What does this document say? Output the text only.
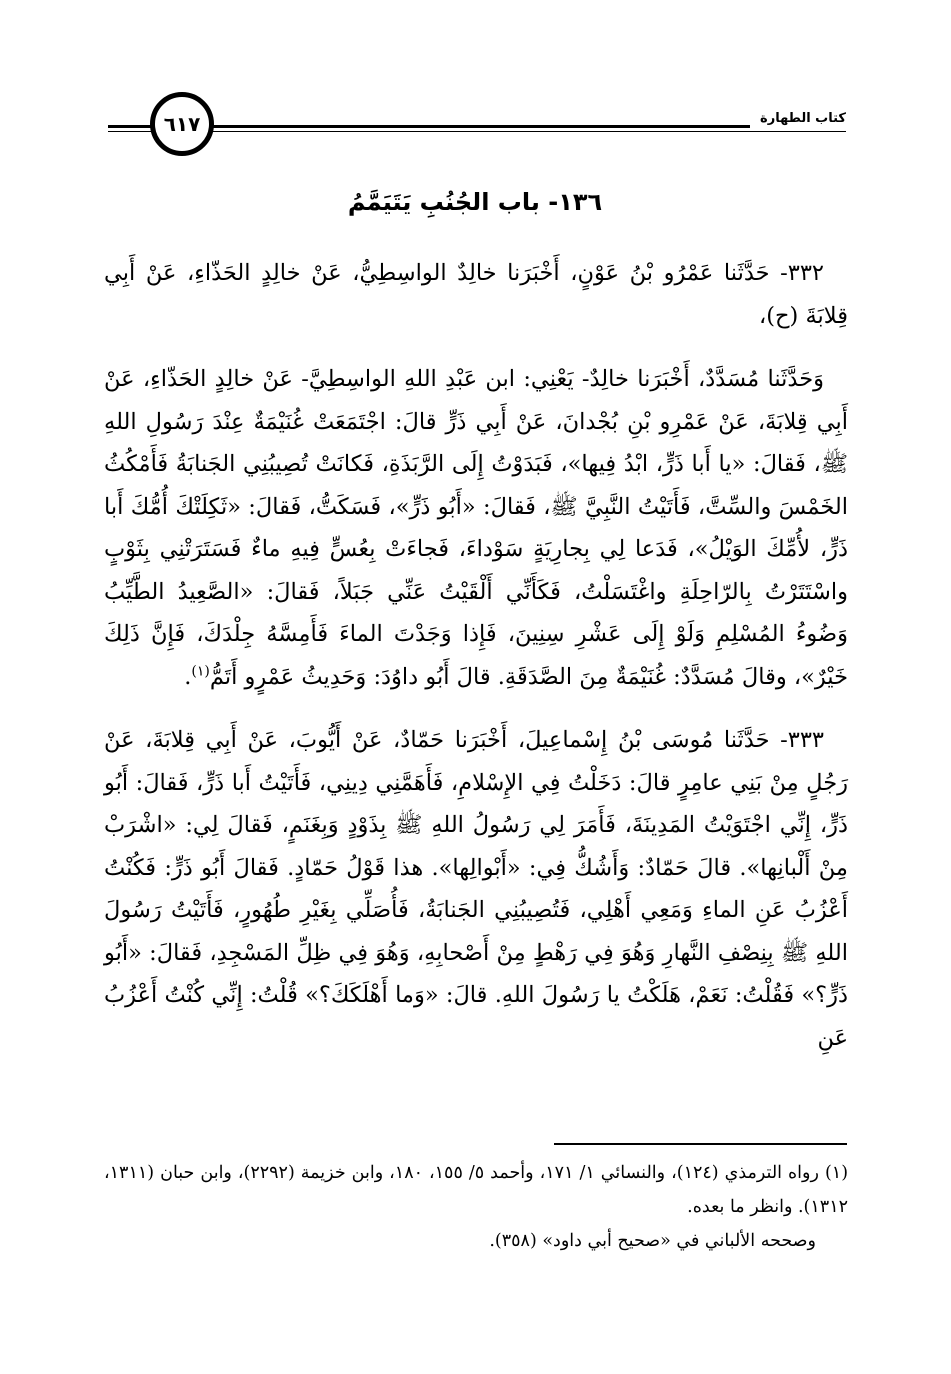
كتاب الطهارة
٦١٧
١٣٦- باب الجُنُبِ يَتَيَمَّمُ

٣٣٢- حَدَّثَنا عَمْرُو بْنُ عَوْنٍ، أَخْبَرَنا خالِدٌ الواسِطِيُّ، عَنْ خالِدٍ الحَذّاءِ، عَنْ أَبِي قِلابَةَ (ح)،

وَحَدَّثَنا مُسَدَّدٌ، أَخْبَرَنا خالِدٌ- يَعْنِي: ابن عَبْدِ اللهِ الواسِطِيَّ- عَنْ خالِدٍ الحَذّاءِ، عَنْ أَبِي قِلابَةَ، عَنْ عَمْرِو بْنِ بُجْدانَ، عَنْ أَبِي ذَرٍّ قالَ: اجْتَمَعَتْ غُنَيْمَةٌ عِنْدَ رَسُولِ اللهِ ﷺ، فَقالَ: «يا أَبا ذَرٍّ، ابْدُ فِيها»، فَبَدَوْتُ إِلَى الرَّبَذَةِ، فَكانَتْ تُصِيبُنِي الجَنابَةُ فَأَمْكُثُ الخَمْسَ والسِّتَّ، فَأَتَيْتُ النَّبِيَّ ﷺ، فَقالَ: «أَبُو ذَرٍّ»، فَسَكَتُّ، فَقالَ: «ثَكِلَتْكَ أُمُّكَ أَبا ذَرٍّ، لأُمِّكَ الوَيْلُ»، فَدَعا لِي بِجارِيَةٍ سَوْداءَ، فَجاءَتْ بِعُسٍّ فِيهِ ماءٌ فَسَتَرَتْنِي بِثَوْبٍ واسْتَتَرْتُ بِالرّاحِلَةِ واغْتَسَلْتُ، فَكَأَنِّي أَلْقَيْتُ عَنِّي جَبَلاً، فَقالَ: «الصَّعِيدُ الطَّيِّبُ وَضُوءُ المُسْلِمِ وَلَوْ إِلَى عَشْرِ سِنِينَ، فَإِذا وَجَدْتَ الماءَ فَأَمِسَّهُ جِلْدَكَ، فَإِنَّ ذَلِكَ خَيْرٌ»، وقالَ مُسَدَّدٌ: غُنَيْمَةٌ مِنَ الصَّدَقَةِ. قالَ أَبُو داوُدَ: وَحَدِيثُ عَمْرٍو أَتَمُّ$^{(١)}$.

٣٣٣- حَدَّثَنا مُوسَى بْنُ إِسْماعِيلَ، أَخْبَرَنا حَمّادٌ، عَنْ أَيُّوبَ، عَنْ أَبِي قِلابَةَ، عَنْ رَجُلٍ مِنْ بَنِي عامِرٍ قالَ: دَخَلْتُ فِي الإِسْلامِ، فَأَهَمَّنِي دِينِي، فَأَتَيْتُ أَبا ذَرٍّ، فَقالَ: أَبُو ذَرٍّ، إِنِّي اجْتَوَيْتُ المَدِينَةَ، فَأَمَرَ لِي رَسُولُ اللهِ ﷺ بِذَوْدٍ وَبِغَنَمٍ، فَقالَ لِي: «اشْرَبْ مِنْ أَلْبانِها». قالَ حَمّادٌ: وَأَشُكُّ فِي: «أَبْوالِها». هذا قَوْلُ حَمّادٍ. فَقالَ أَبُو ذَرٍّ: فَكُنْتُ أَعْزُبُ عَنِ الماءِ وَمَعِي أَهْلِي، فَتُصِيبُنِي الجَنابَةُ، فَأُصَلِّي بِغَيْرِ طُهُورٍ، فَأَتَيْتُ رَسُولَ اللهِ ﷺ بِنِصْفِ النَّهارِ وَهُوَ فِي رَهْطٍ مِنْ أَصْحابِهِ، وَهُوَ فِي ظِلِّ المَسْجِدِ، فَقالَ: «أَبُو ذَرٍّ؟» فَقُلْتُ: نَعَمْ، هَلَكْتُ يا رَسُولَ اللهِ. قالَ: «وَما أَهْلَكَكَ؟» قُلْتُ: إِنِّي كُنْتُ أَعْزُبُ عَنِ

(١) رواه الترمذي (١٢٤)، والنسائي ١/ ١٧١، وأحمد ٥/ ١٥٥، ١٨٠، وابن خزيمة (٢٢٩٢)، وابن حبان (١٣١١، ١٣١٢). وانظر ما بعده.

وصححه الألباني في «صحيح أبي داود» (٣٥٨).
